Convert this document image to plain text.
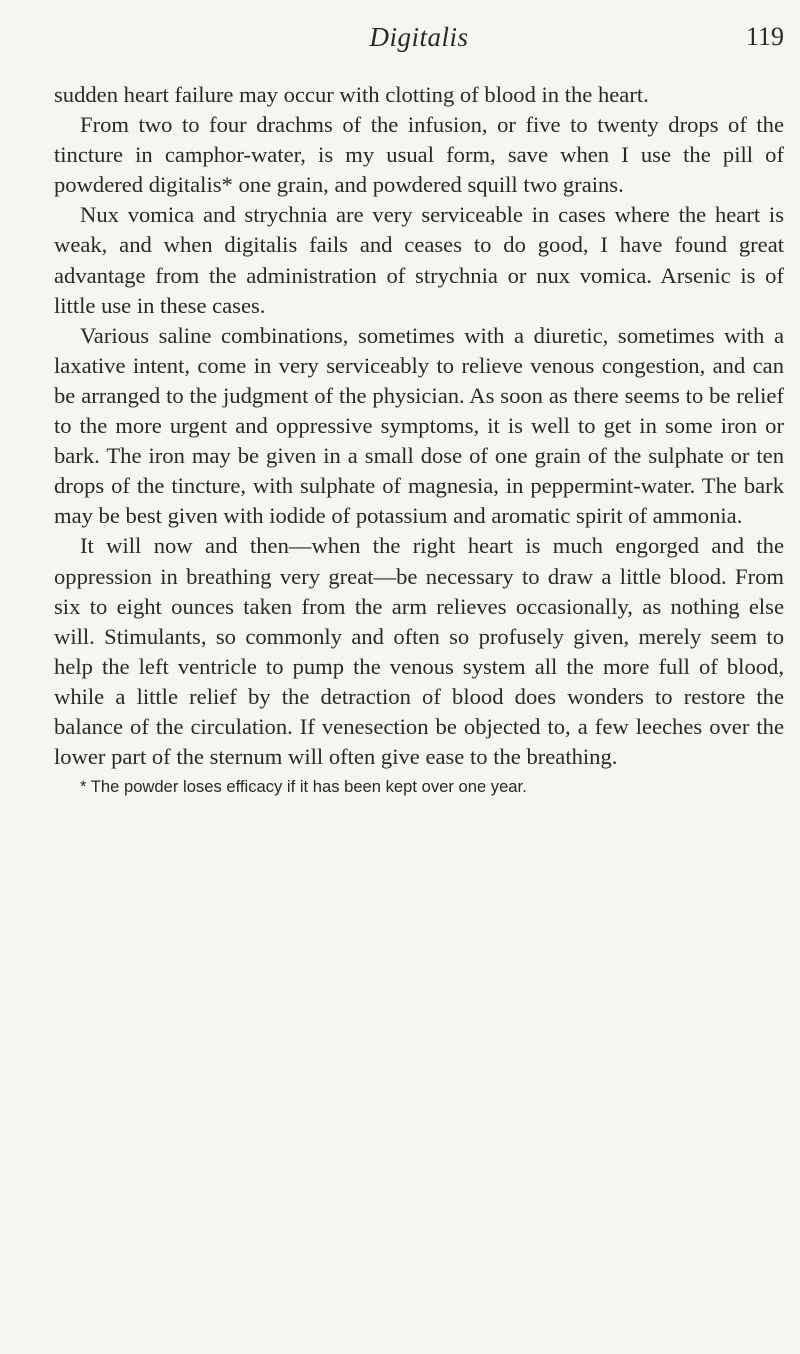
Digitalis	119

sudden heart failure may occur with clotting of blood in the heart.

From two to four drachms of the infusion, or five to twenty drops of the tincture in camphor-water, is my usual form, save when I use the pill of powdered digitalis* one grain, and powdered squill two grains.

Nux vomica and strychnia are very serviceable in cases where the heart is weak, and when digitalis fails and ceases to do good, I have found great advantage from the administration of strychnia or nux vomica. Arsenic is of little use in these cases.

Various saline combinations, sometimes with a diuretic, sometimes with a laxative intent, come in very serviceably to relieve venous congestion, and can be arranged to the judgment of the physician. As soon as there seems to be relief to the more urgent and oppressive symptoms, it is well to get in some iron or bark. The iron may be given in a small dose of one grain of the sulphate or ten drops of the tincture, with sulphate of magnesia, in peppermint-water. The bark may be best given with iodide of potassium and aromatic spirit of ammonia.

It will now and then—when the right heart is much engorged and the oppression in breathing very great—be necessary to draw a little blood. From six to eight ounces taken from the arm relieves occasionally, as nothing else will. Stimulants, so commonly and often so profusely given, merely seem to help the left ventricle to pump the venous system all the more full of blood, while a little relief by the detraction of blood does wonders to restore the balance of the circulation. If venesection be objected to, a few leeches over the lower part of the sternum will often give ease to the breathing.

* The powder loses efficacy if it has been kept over one year.
